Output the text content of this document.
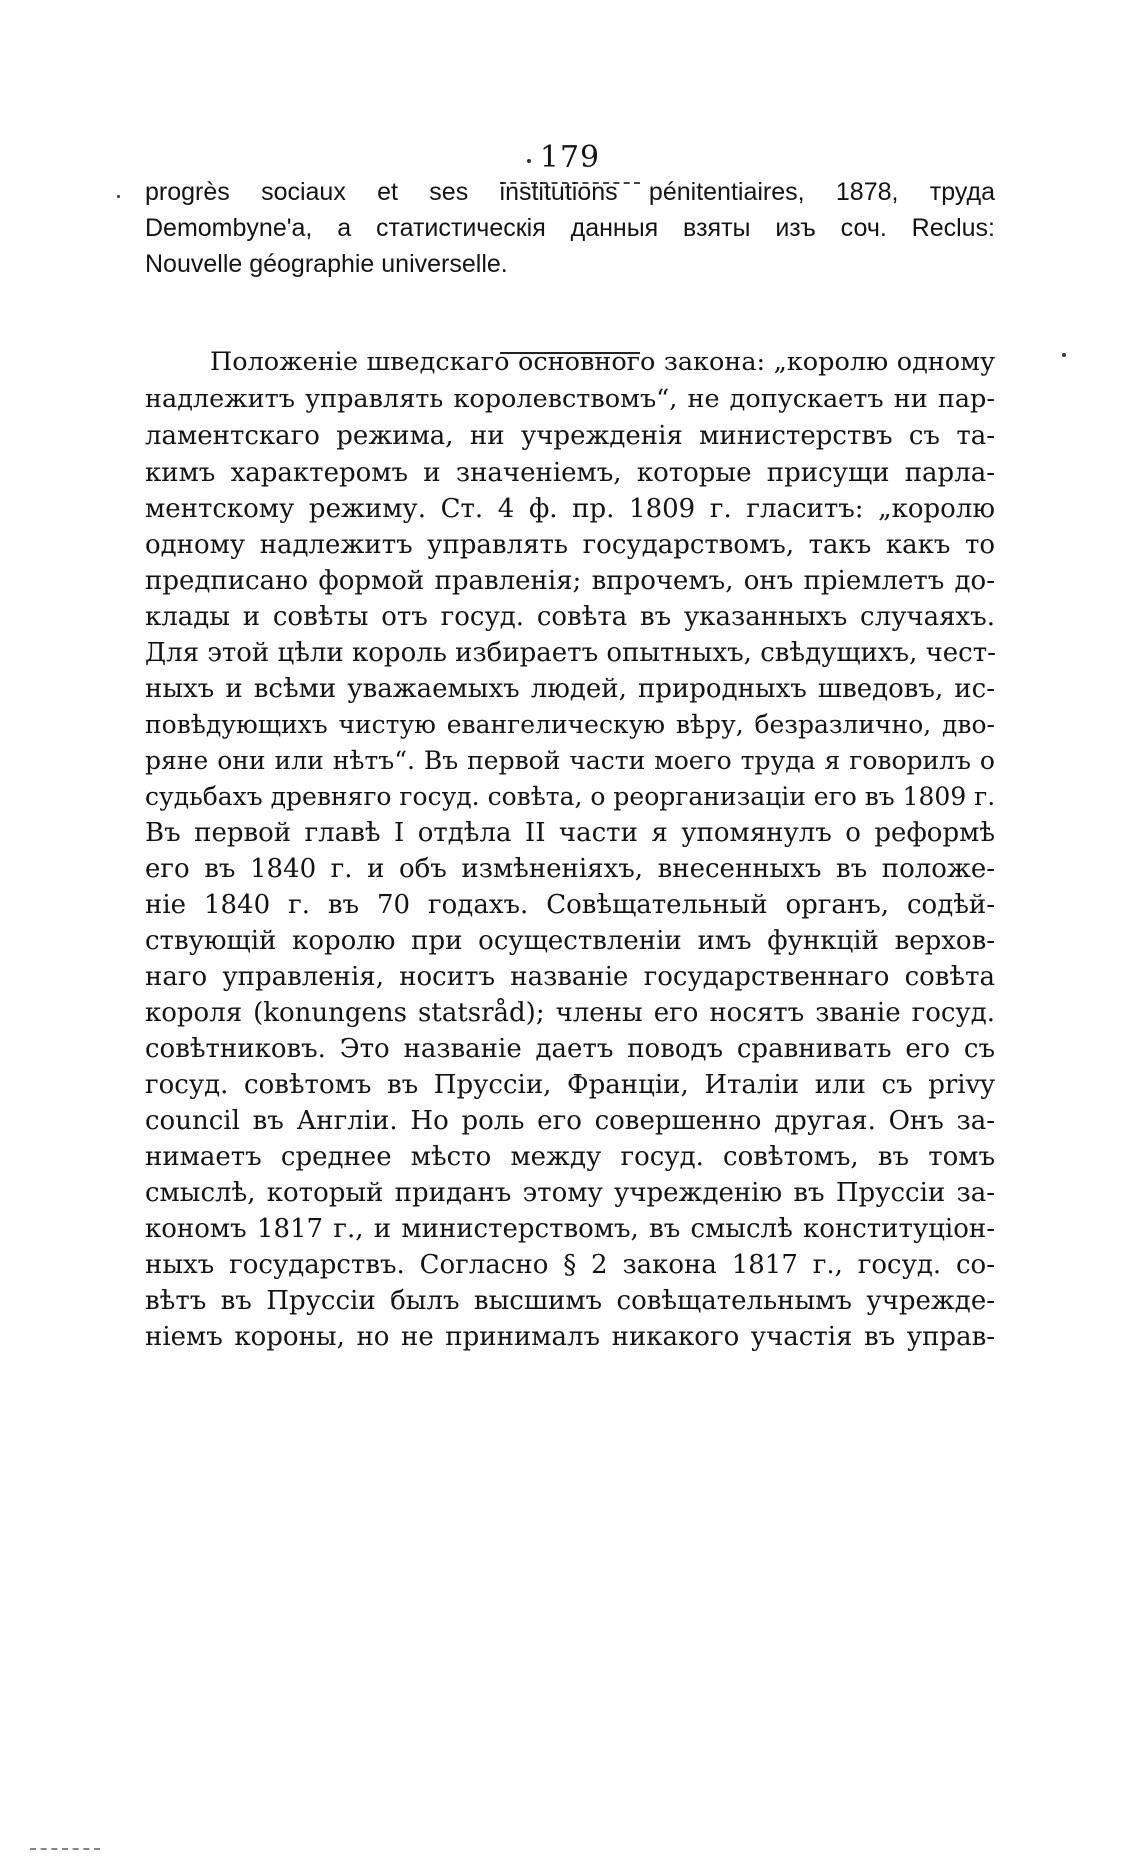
179
progrès sociaux et ses institutions pénitentiaires, 1878, труда
Demombyne'a, а статистическія данныя взяты изъ соч. Reclus:
Nouvelle géographie universelle.
Положеніе шведскаго основного закона: „королю одному
надлежитъ управлять королевствомъ“, не допускаетъ ни пар-
ламентскаго режима, ни учрежденія министерствъ съ та-
кимъ характеромъ и значеніемъ, которые присущи парла-
ментскому режиму. Ст. 4 ф. пр. 1809 г. гласитъ: „королю
одному надлежитъ управлять государствомъ, такъ какъ то
предписано формой правленія; впрочемъ, онъ пріемлетъ до-
клады и совѣты отъ госуд. совѣта въ указанныхъ случаяхъ.
Для этой цѣли король избираетъ опытныхъ, свѣдущихъ, чест-
ныхъ и всѣми уважаемыхъ людей, природныхъ шведовъ, ис-
повѣдующихъ чистую евангелическую вѣру, безразлично, дво-
ряне они или нѣтъ“. Въ первой части моего труда я говорилъ о
судьбахъ древняго госуд. совѣта, о реорганизаціи его въ 1809 г.
Въ первой главѣ I отдѣла II части я упомянулъ о реформѣ
его въ 1840 г. и объ измѣненіяхъ, внесенныхъ въ положе-
ніе 1840 г. въ 70 годахъ. Совѣщательный органъ, содѣй-
ствующій королю при осуществленіи имъ функцій верхов-
наго управленія, носитъ названіе государственнаго совѣта
короля (konungens statsråd); члены его носятъ званіе госуд.
совѣтниковъ. Это названіе даетъ поводъ сравнивать его съ
госуд. совѣтомъ въ Пруссіи, Франціи, Италіи или съ privy
council въ Англіи. Но роль его совершенно другая. Онъ за-
нимаетъ среднее мѣсто между госуд. совѣтомъ, въ томъ
смыслѣ, который приданъ этому учрежденію въ Пруссіи за-
кономъ 1817 г., и министерствомъ, въ смыслѣ конституціон-
ныхъ государствъ. Согласно § 2 закона 1817 г., госуд. со-
вѣтъ въ Пруссіи былъ высшимъ совѣщательнымъ учрежде-
ніемъ короны, но не принималъ никакого участія въ управ-
